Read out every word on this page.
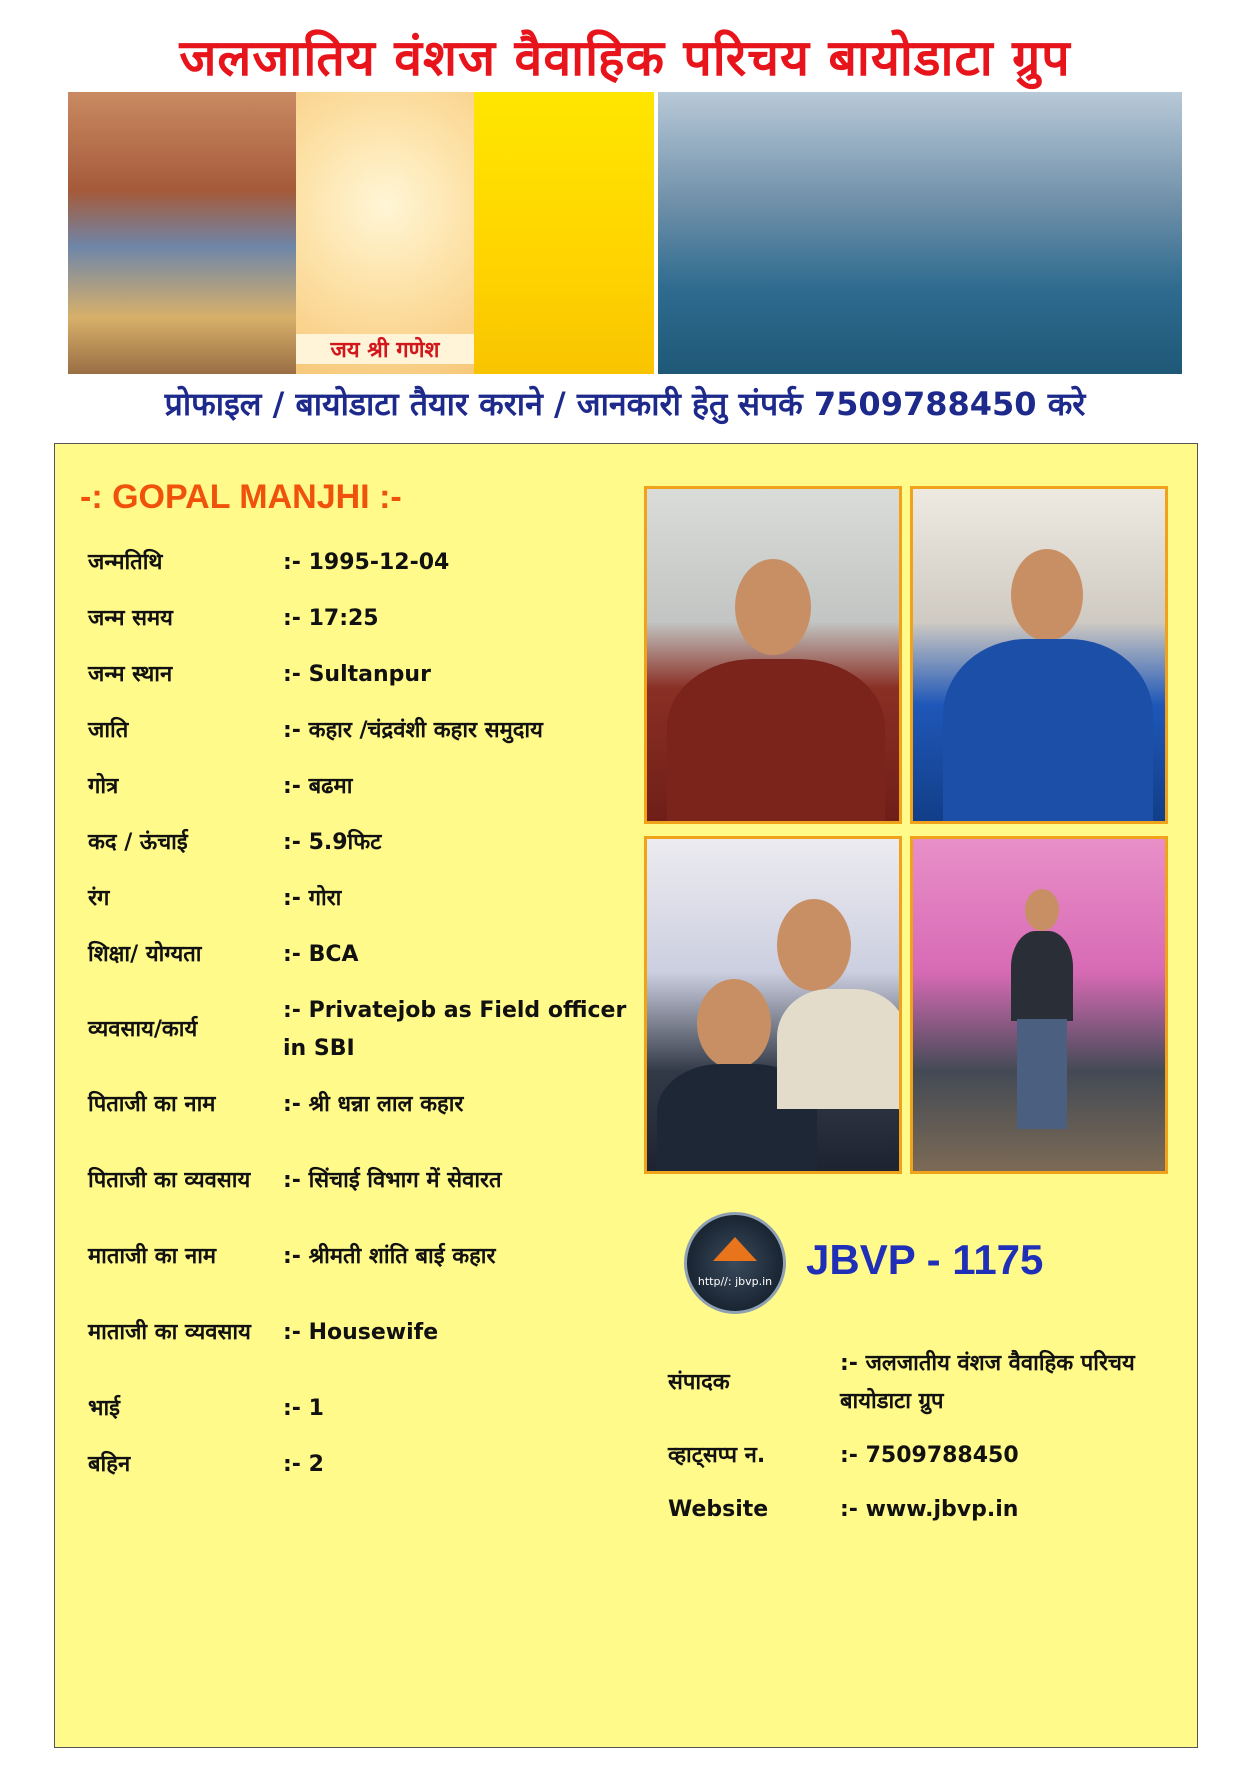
जलजातिय वंशज वैवाहिक परिचय बायोडाटा ग्रुप
जय श्री गणेश
प्रोफाइल / बायोडाटा तैयार कराने / जानकारी हेतु संपर्क 7509788450 करे
-: GOPAL MANJHI :-
जन्मतिथि	:- 1995-12-04
जन्म समय	:- 17:25
जन्म स्थान	:- Sultanpur
जाति	:- कहार /चंद्रवंशी कहार समुदाय
गोत्र	:- बढमा
कद / ऊंचाई	:- 5.9फिट
रंग	:- गोरा
शिक्षा/ योग्यता	:- BCA
व्यवसाय/कार्य
:- Privatejob as Field officer in SBI
पिताजी का नाम	:- श्री धन्ना लाल कहार
पिताजी का व्यवसाय	:- सिंचाई विभाग में सेवारत
माताजी का नाम	:- श्रीमती शांति बाई कहार
माताजी का व्यवसाय	:- Housewife
भाई	:- 1
बहिन	:- 2
http//: jbvp.in JBVP - 1175
संपादक
:- जलजातीय वंशज वैवाहिक परिचय बायोडाटा ग्रुप
व्हाट्सप्प न.	:- 7509788450
Website	:- www.jbvp.in
